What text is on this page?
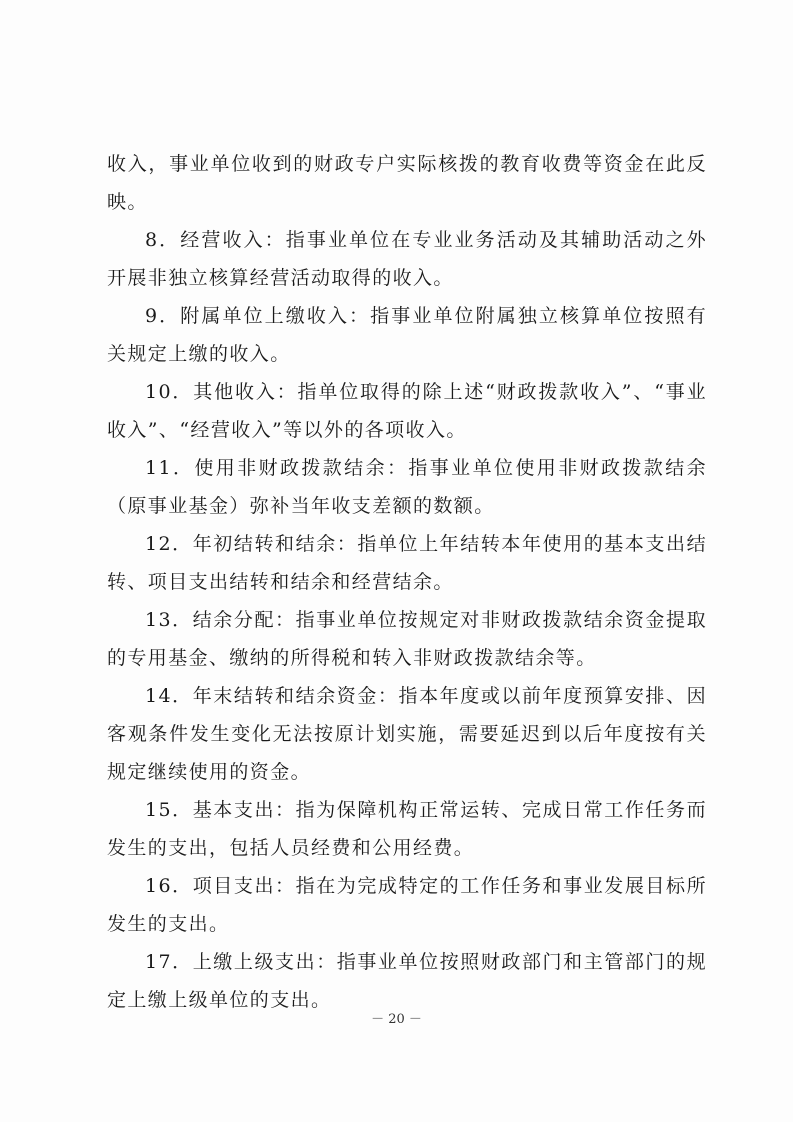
收入，事业单位收到的财政专户实际核拨的教育收费等资金在此反映。

8．经营收入：指事业单位在专业业务活动及其辅助活动之外开展非独立核算经营活动取得的收入。

9．附属单位上缴收入：指事业单位附属独立核算单位按照有关规定上缴的收入。

10．其他收入：指单位取得的除上述“财政拨款收入”、“事业收入”、“经营收入”等以外的各项收入。

11．使用非财政拨款结余：指事业单位使用非财政拨款结余（原事业基金）弥补当年收支差额的数额。

12．年初结转和结余：指单位上年结转本年使用的基本支出结转、项目支出结转和结余和经营结余。

13．结余分配：指事业单位按规定对非财政拨款结余资金提取的专用基金、缴纳的所得税和转入非财政拨款结余等。

14．年末结转和结余资金：指本年度或以前年度预算安排、因客观条件发生变化无法按原计划实施，需要延迟到以后年度按有关规定继续使用的资金。

15．基本支出：指为保障机构正常运转、完成日常工作任务而发生的支出，包括人员经费和公用经费。

16．项目支出：指在为完成特定的工作任务和事业发展目标所发生的支出。

17．上缴上级支出：指事业单位按照财政部门和主管部门的规定上缴上级单位的支出。

－ 20 －
